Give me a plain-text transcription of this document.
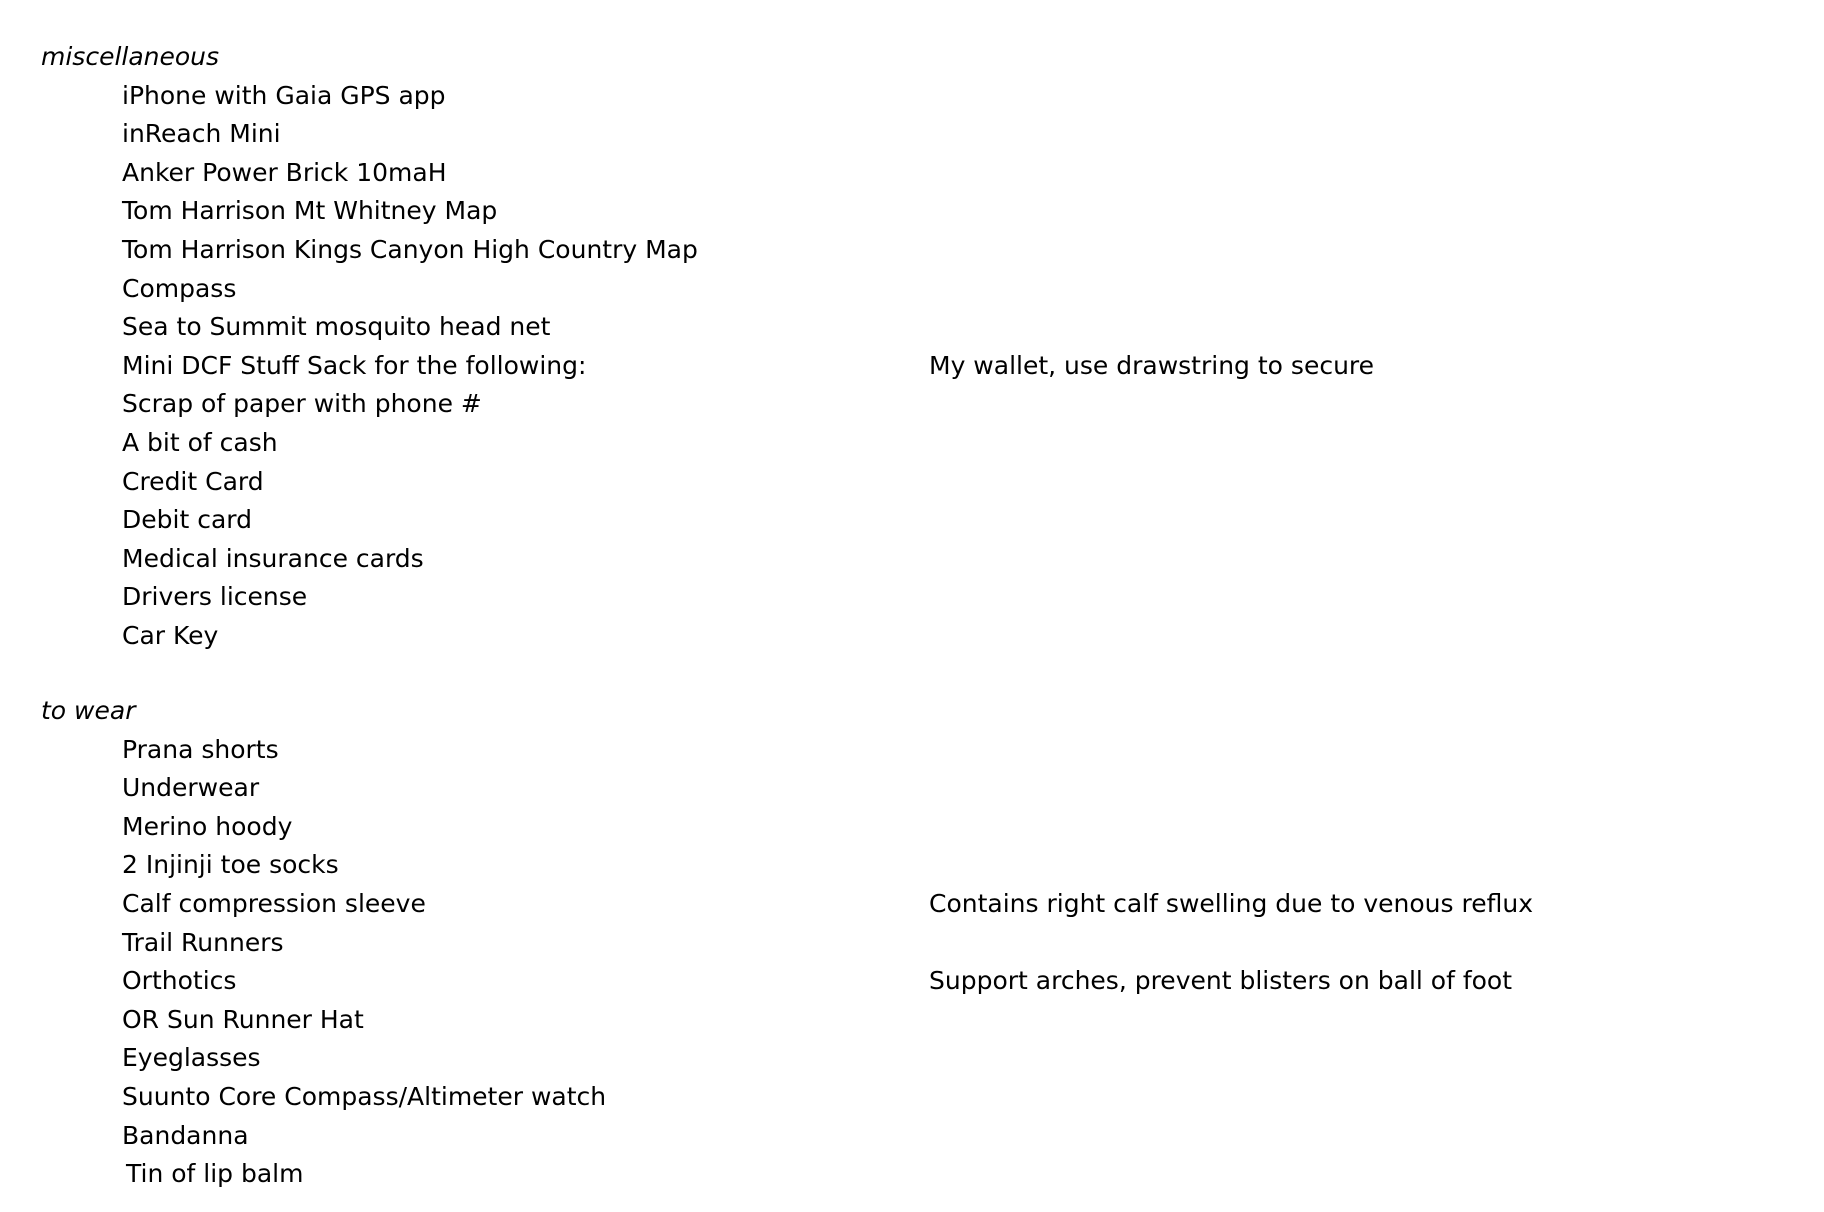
miscellaneous
iPhone with Gaia GPS app
inReach Mini
Anker Power Brick 10maH
Tom Harrison Mt Whitney Map
Tom Harrison Kings Canyon High Country Map
Compass
Sea to Summit mosquito head net
Mini DCF Stuff Sack for the following:	My wallet, use drawstring to secure
Scrap of paper with phone #
A bit of cash
Credit Card
Debit card
Medical insurance cards
Drivers license
Car Key
to wear
Prana shorts
Underwear
Merino hoody
2 Injinji toe socks
Calf compression sleeve	Contains right calf swelling due to venous reflux
Trail Runners
Orthotics	Support arches, prevent blisters on ball of foot
OR Sun Runner Hat
Eyeglasses
Suunto Core Compass/Altimeter watch
Bandanna
Tin of lip balm
